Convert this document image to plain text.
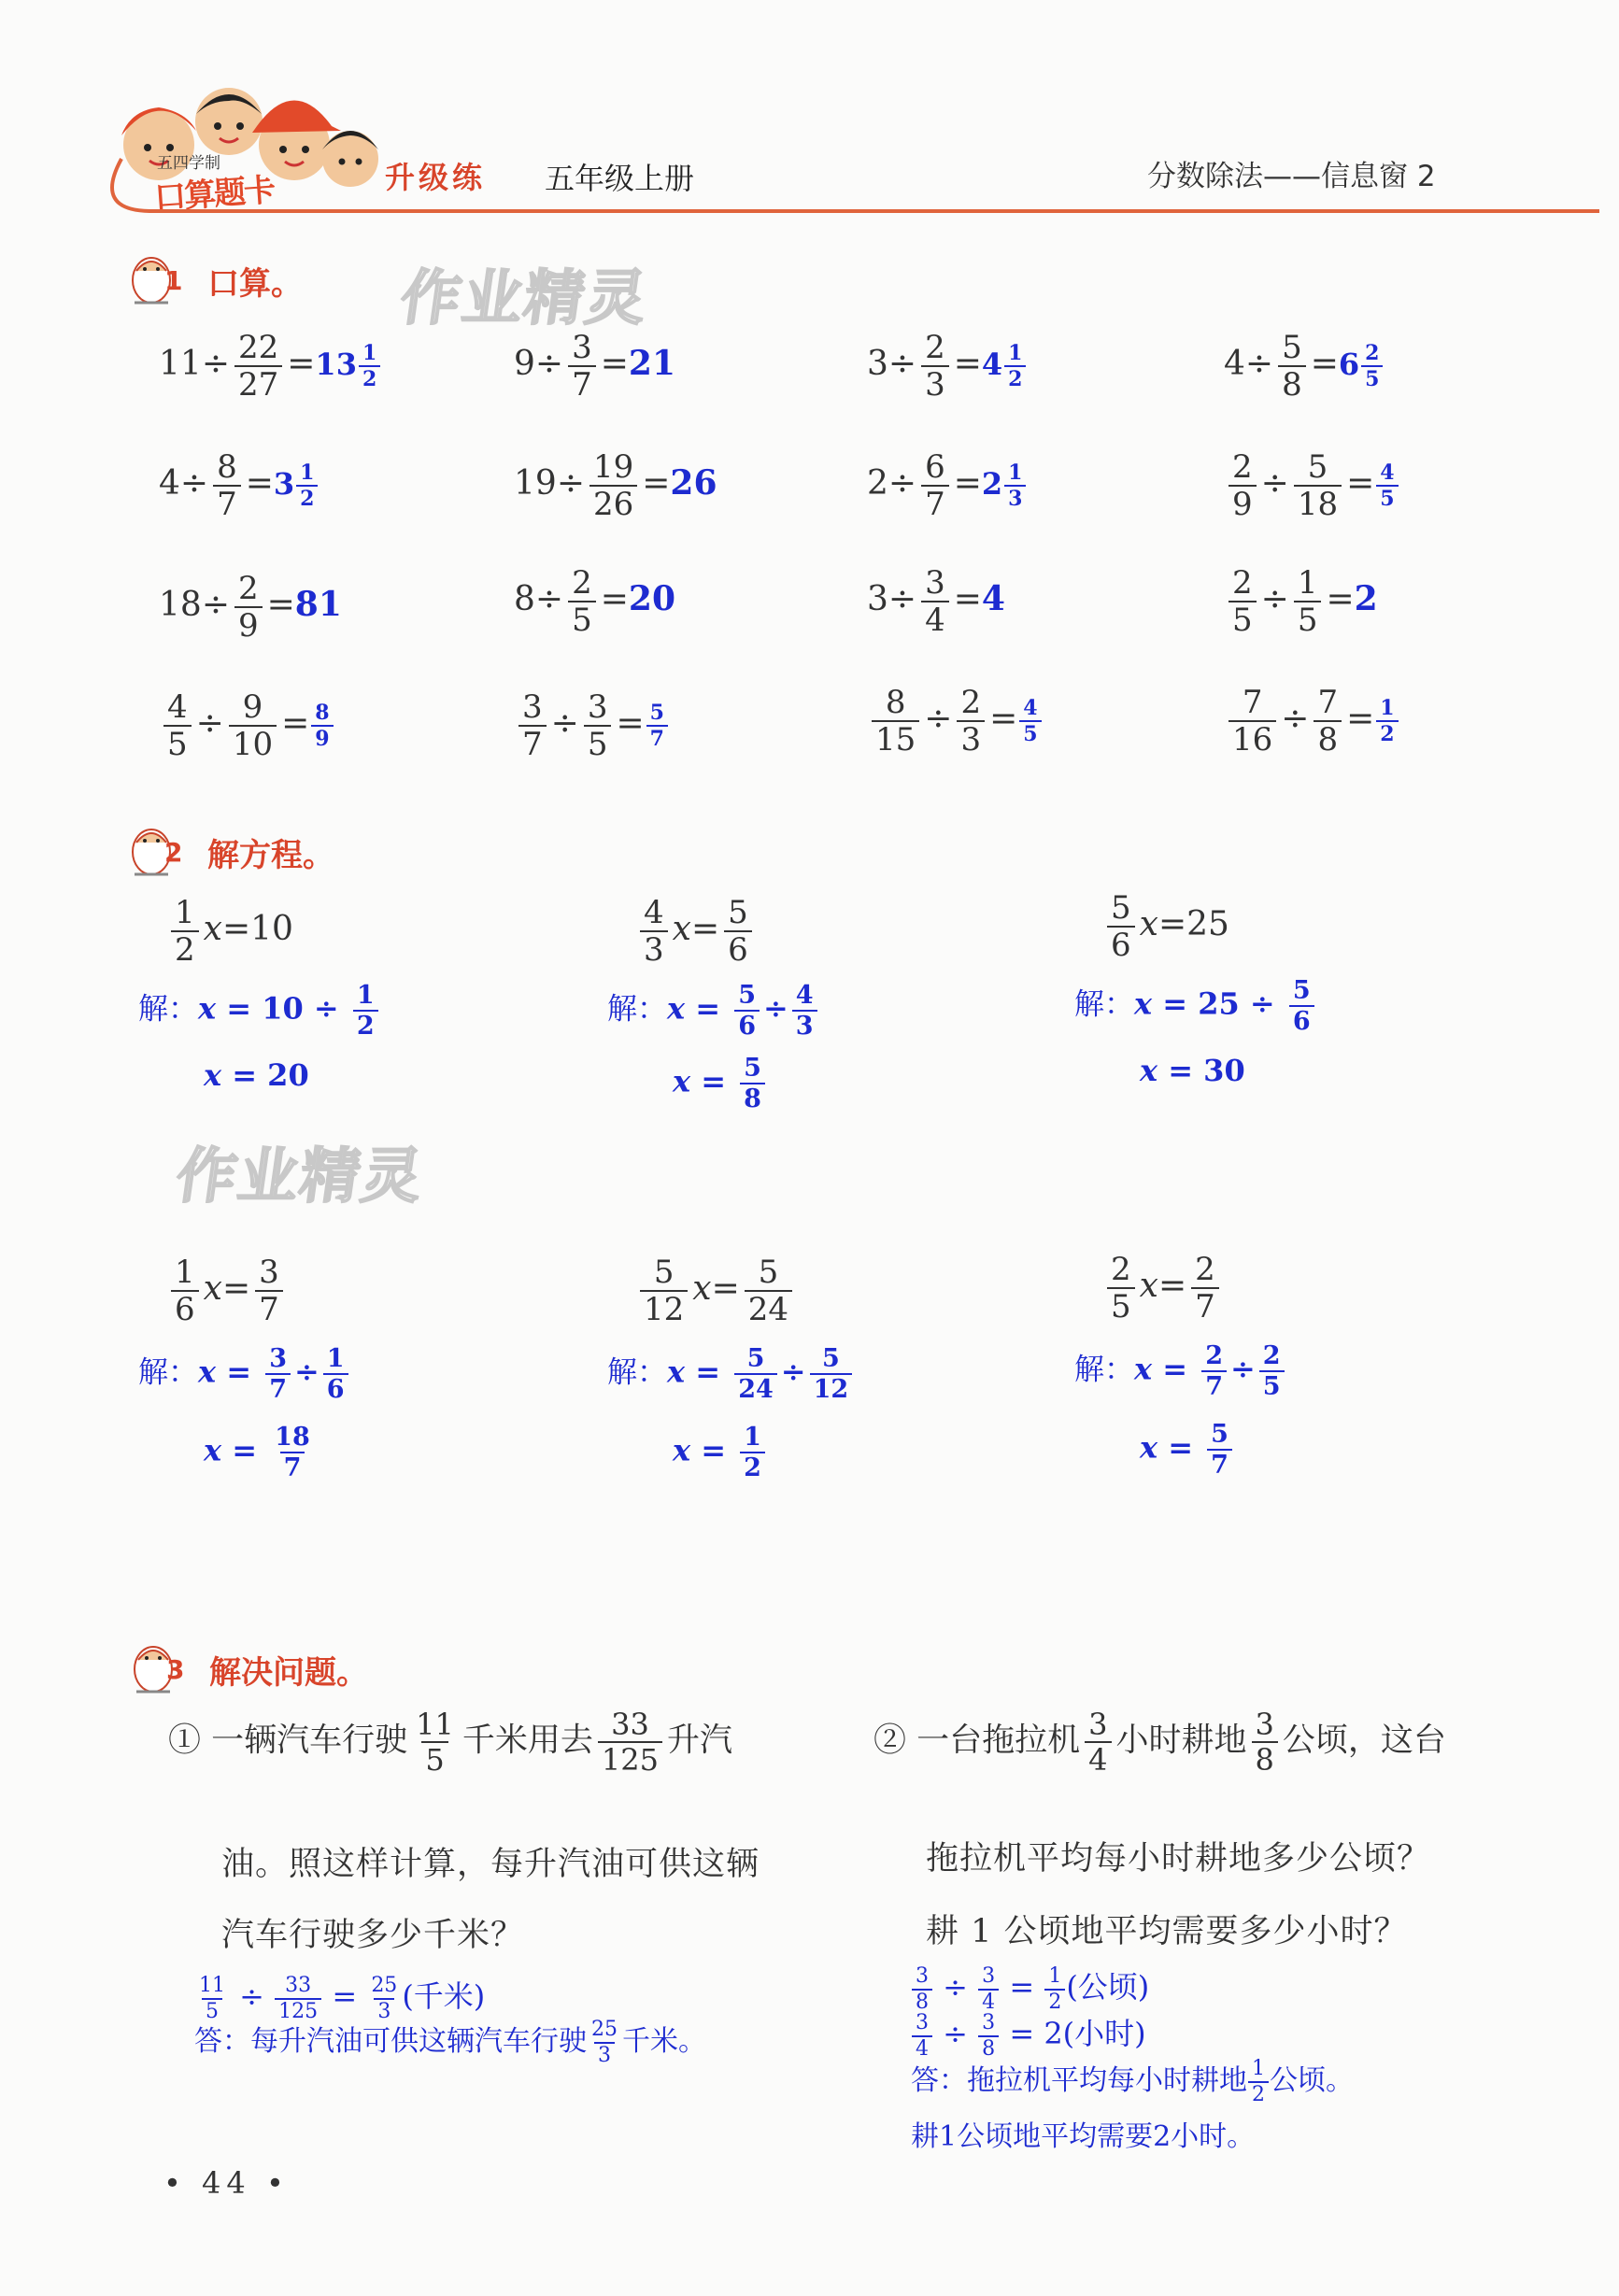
五四学制
口算题卡	升级练 五年级上册	分数除法——信息窗 2
作业精灵
作业精灵
1 口算。
$11\div \frac{22}{27} =13 \frac{1}{2}$	$9\div \frac{3}{7} =21$	$3\div \frac{2}{3} =4 \frac{1}{2}$	$4\div \frac{5}{8} =6 \frac{2}{5}$
$4\div \frac{8}{7} =3 \frac{1}{2}$	$19\div \frac{19}{26} =26$	$2\div \frac{6}{7} =2 \frac{1}{3}$	$\frac{2}{9} \div \frac{5}{18} = \frac{4}{5}$
$18\div \frac{2}{9} =81$	$8\div \frac{2}{5} =20$	$3\div \frac{3}{4} =4$	$\frac{2}{5} \div \frac{1}{5} =2$
$\frac{4}{5} \div \frac{9}{10} = \frac{8}{9}$	$\frac{3}{7} \div \frac{3}{5} = \frac{5}{7}$	$\frac{8}{15} \div \frac{2}{3} = \frac{4}{5}$	$\frac{7}{16} \div \frac{7}{8} = \frac{1}{2}$
2 解方程。
$\frac{1}{2} x=10$
解：$x = 10 \div \frac{1}{2}$
x = 20
$\frac{4}{3} x= \frac{5}{6}$
解：$x = \frac{5}{6} \div \frac{4}{3}$
$x = \frac{5}{8}$
$\frac{5}{6} x=25$
解：$x = 25 \div \frac{5}{6}$
x = 30
$\frac{1}{6} x= \frac{3}{7}$
解：$x = \frac{3}{7} \div \frac{1}{6}$
$x = \frac{18}{7}$
$\frac{5}{12} x= \frac{5}{24}$
解：$x = \frac{5}{24} \div \frac{5}{12}$
$x = \frac{1}{2}$
$\frac{2}{5} x= \frac{2}{7}$
解：$x = \frac{2}{7} \div \frac{2}{5}$
$x = \frac{5}{7}$
3 解决问题。
① 一辆汽车行驶 $\frac{11}{5}$ 千米用去 $\frac{33}{125}$ 升汽
油。照这样计算，每升汽油可供这辆
汽车行驶多少千米？
$\frac{11}{5} \div \frac{33}{125} = \frac{25}{3}$ (千米)
答：每升汽油可供这辆汽车行驶 $\frac{25}{3}$ 千米。
② 一台拖拉机 $\frac{3}{4}$ 小时耕地 $\frac{3}{8}$ 公顷，这台
拖拉机平均每小时耕地多少公顷？
耕 1 公顷地平均需要多少小时？
$\frac{3}{8} \div \frac{3}{4} = \frac{1}{2}$ (公顷)
$\frac{3}{4} \div \frac{3}{8} = 2$(小时)
答：拖拉机平均每小时耕地 $\frac{1}{2}$ 公顷。
耕1公顷地平均需要2小时。
• 44 •
